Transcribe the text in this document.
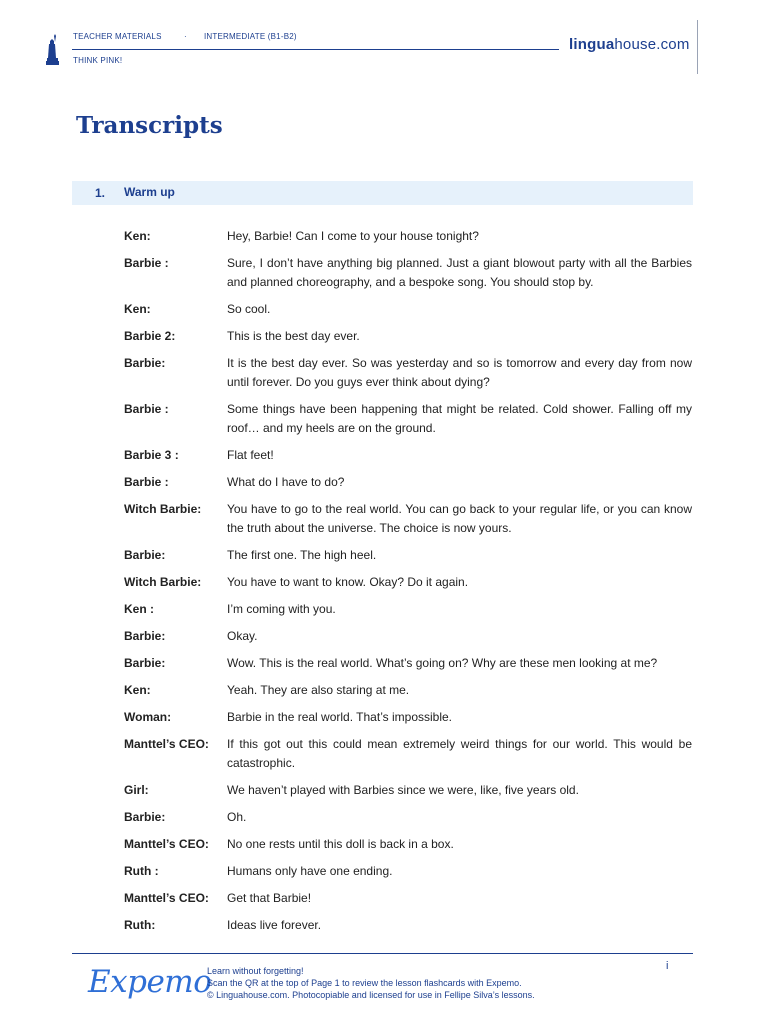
TEACHER MATERIALS	· INTERMEDIATE (B1-B2)
THINK PINK!
linguahouse.com
Transcripts
1. Warm up
Ken:	Hey, Barbie! Can I come to your house tonight?
Barbie :	Sure, I don’t have anything big planned. Just a giant blowout party with all the Barbies and planned choreography, and a bespoke song. You should stop by.
Ken:	So cool.
Barbie 2:	This is the best day ever.
Barbie:	It is the best day ever. So was yesterday and so is tomorrow and every day from now until forever. Do you guys ever think about dying?
Barbie :	Some things have been happening that might be related. Cold shower. Falling off my roof… and my heels are on the ground.
Barbie 3 :	Flat feet!
Barbie :	What do I have to do?
Witch Barbie:	You have to go to the real world. You can go back to your regular life, or you can know the truth about the universe. The choice is now yours.
Barbie:	The first one. The high heel.
Witch Barbie:	You have to want to know. Okay? Do it again.
Ken :	I’m coming with you.
Barbie:	Okay.
Barbie:	Wow. This is the real world. What’s going on? Why are these men looking at me?
Ken:	Yeah. They are also staring at me.
Woman:	Barbie in the real world. That’s impossible.
Manttel’s CEO:	If this got out this could mean extremely weird things for our world. This would be catastrophic.
Girl:	We haven’t played with Barbies since we were, like, five years old.
Barbie:	Oh.
Manttel’s CEO:	No one rests until this doll is back in a box.
Ruth :	Humans only have one ending.
Manttel’s CEO:	Get that Barbie!
Ruth:	Ideas live forever.
Expemo
Learn without forgetting!
Scan the QR at the top of Page 1 to review the lesson flashcards with Expemo.
© Linguahouse.com. Photocopiable and licensed for use in Fellipe Silva’s lessons.
i
